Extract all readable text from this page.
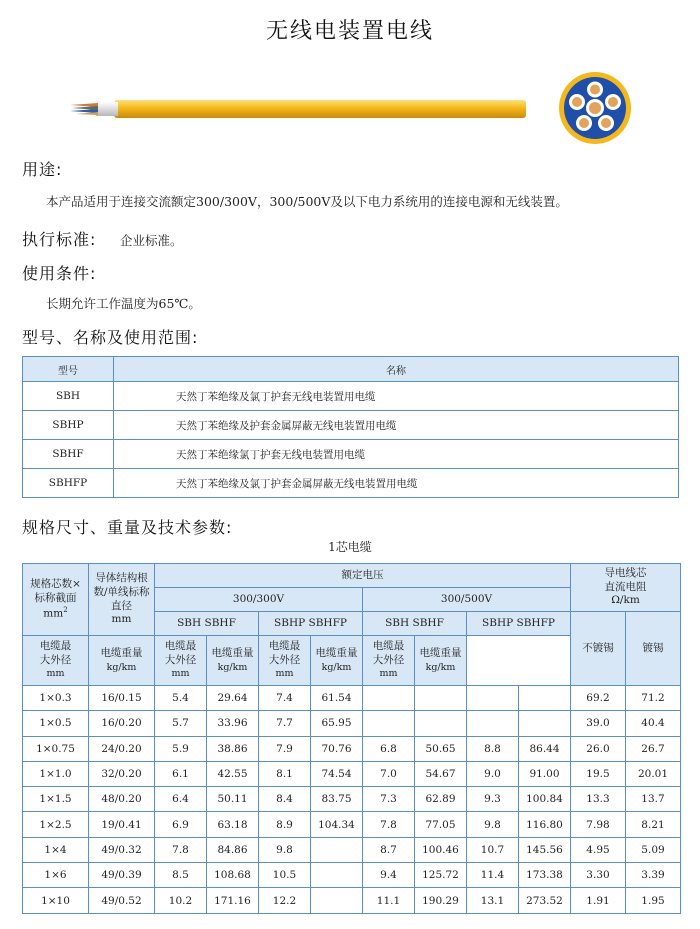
无线电装置电线
用途:
本产品适用于连接交流额定300/300V，300/500V及以下电力系统用的连接电源和无线装置。
执行标准: 企业标准。
使用条件:
长期允许工作温度为65℃。
型号、名称及使用范围:
型号	名称
SBH	天然丁苯绝缘及氯丁护套无线电装置用电缆
SBHP	天然丁苯绝缘及护套金属屏蔽无线电装置用电缆
SBHF	天然丁苯绝缘氯丁护套无线电装置用电缆
SBHFP	天然丁苯绝缘及氯丁护套金属屏蔽无线电装置用电缆
规格尺寸、重量及技术参数:
1芯电缆
规格芯数×
标称截面
$mm^2$	导体结构根
数/单线标称
直径
mm	额定电压								导电线芯
直流电阻
Ω/km	
		300/300V				300/500V					
		SBH SBHF		SBHP SBHFP		SBH SBHF		SBHP SBHFP		不镀锡	镀锡
电缆最
大外径
mm	电缆重量
kg/km	电缆最
大外径
mm	电缆重量
kg/km	电缆最
大外径
mm	电缆重量
kg/km	电缆最
大外径
mm	电缆重量
kg/km				
1×0.3	16/0.15	5.4	29.64	7.4	61.54					69.2	71.2
1×0.5	16/0.20	5.7	33.96	7.7	65.95					39.0	40.4
1×0.75	24/0.20	5.9	38.86	7.9	70.76	6.8	50.65	8.8	86.44	26.0	26.7
1×1.0	32/0.20	6.1	42.55	8.1	74.54	7.0	54.67	9.0	91.00	19.5	20.01
1×1.5	48/0.20	6.4	50.11	8.4	83.75	7.3	62.89	9.3	100.84	13.3	13.7
1×2.5	19/0.41	6.9	63.18	8.9	104.34	7.8	77.05	9.8	116.80	7.98	8.21
1×4	49/0.32	7.8	84.86	9.8		8.7	100.46	10.7	145.56	4.95	5.09
1×6	49/0.39	8.5	108.68	10.5		9.4	125.72	11.4	173.38	3.30	3.39
1×10	49/0.52	10.2	171.16	12.2		11.1	190.29	13.1	273.52	1.91	1.95
